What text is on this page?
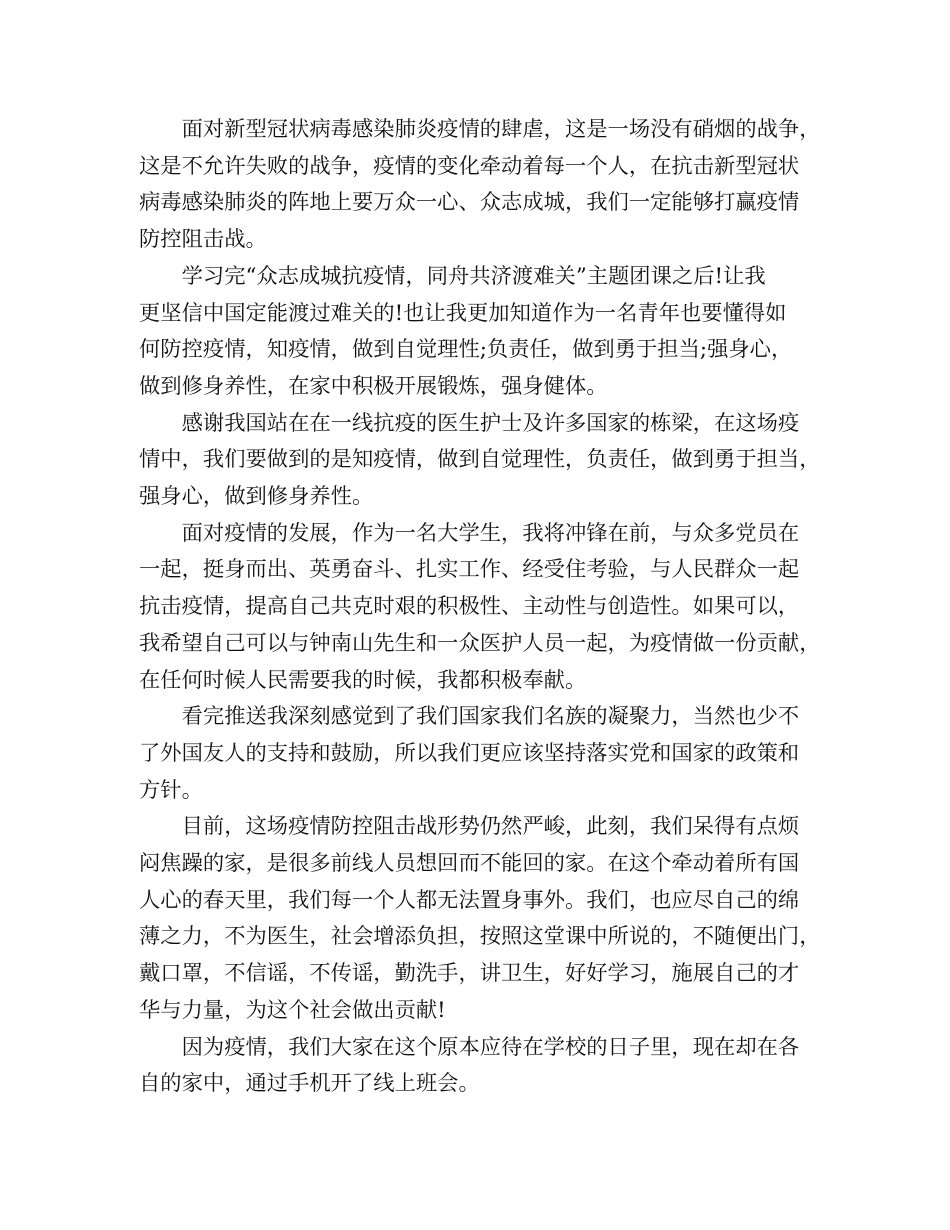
面对新型冠状病毒感染肺炎疫情的肆虐，这是一场没有硝烟的战争，
这是不允许失败的战争，疫情的变化牵动着每一个人，在抗击新型冠状
病毒感染肺炎的阵地上要万众一心、众志成城，我们一定能够打赢疫情
防控阻击战。

学习完“众志成城抗疫情，同舟共济渡难关”主题团课之后!让我
更坚信中国定能渡过难关的!也让我更加知道作为一名青年也要懂得如
何防控疫情，知疫情，做到自觉理性;负责任，做到勇于担当;强身心，
做到修身养性，在家中积极开展锻炼，强身健体。

感谢我国站在在一线抗疫的医生护士及许多国家的栋梁，在这场疫
情中，我们要做到的是知疫情，做到自觉理性，负责任，做到勇于担当，
强身心，做到修身养性。

面对疫情的发展，作为一名大学生，我将冲锋在前，与众多党员在
一起，挺身而出、英勇奋斗、扎实工作、经受住考验，与人民群众一起
抗击疫情，提高自己共克时艰的积极性、主动性与创造性。如果可以，
我希望自己可以与钟南山先生和一众医护人员一起，为疫情做一份贡献，
在任何时候人民需要我的时候，我都积极奉献。

看完推送我深刻感觉到了我们国家我们名族的凝聚力，当然也少不
了外国友人的支持和鼓励，所以我们更应该坚持落实党和国家的政策和
方针。

目前，这场疫情防控阻击战形势仍然严峻，此刻，我们呆得有点烦
闷焦躁的家，是很多前线人员想回而不能回的家。在这个牵动着所有国
人心的春天里，我们每一个人都无法置身事外。我们，也应尽自己的绵
薄之力，不为医生，社会增添负担，按照这堂课中所说的，不随便出门，
戴口罩，不信谣，不传谣，勤洗手，讲卫生，好好学习，施展自己的才
华与力量，为这个社会做出贡献!

因为疫情，我们大家在这个原本应待在学校的日子里，现在却在各
自的家中，通过手机开了线上班会。
